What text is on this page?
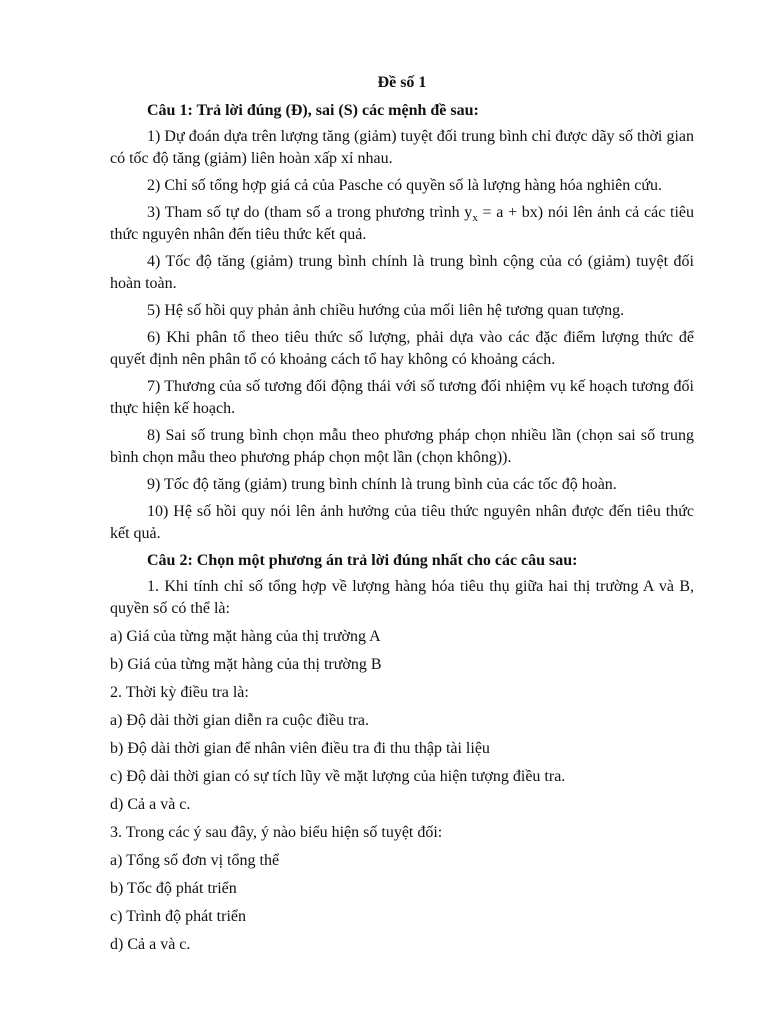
Đề số 1
Câu 1: Trả lời đúng (Đ), sai (S) các mệnh đề sau:
1) Dự đoán dựa trên lượng tăng (giảm) tuyệt đối trung bình chỉ được dãy số thời gian có tốc độ tăng (giảm) liên hoàn xấp xỉ nhau.
2) Chỉ số tổng hợp giá cả của Pasche có quyền số là lượng hàng hóa nghiên cứu.
3) Tham số tự do (tham số a trong phương trình $y_x = a + bx$) nói lên ảnh cả các tiêu thức nguyên nhân đến tiêu thức kết quả.
4) Tốc độ tăng (giảm) trung bình chính là trung bình cộng của có (giảm) tuyệt đối hoàn toàn.
5) Hệ số hồi quy phản ảnh chiều hướng của mối liên hệ tương quan tượng.
6) Khi phân tổ theo tiêu thức số lượng, phải dựa vào các đặc điểm lượng thức để quyết định nên phân tổ có khoảng cách tổ hay không có khoảng cách.
7) Thương của số tương đối động thái với số tương đối nhiệm vụ kế hoạch tương đối thực hiện kế hoạch.
8) Sai số trung bình chọn mẫu theo phương pháp chọn nhiều lần (chọn sai số trung bình chọn mẫu theo phương pháp chọn một lần (chọn không)).
9) Tốc độ tăng (giảm) trung bình chính là trung bình của các tốc độ hoàn.
10) Hệ số hồi quy nói lên ảnh hưởng của tiêu thức nguyên nhân được đến tiêu thức kết quả.
Câu 2: Chọn một phương án trả lời đúng nhất cho các câu sau:
1. Khi tính chỉ số tổng hợp về lượng hàng hóa tiêu thụ giữa hai thị trường A và B, quyền số có thể là:
a) Giá của từng mặt hàng của thị trường A
b) Giá của từng mặt hàng của thị trường B
2. Thời kỳ điều tra là:
a) Độ dài thời gian diễn ra cuộc điều tra.
b) Độ dài thời gian để nhân viên điều tra đi thu thập tài liệu
c) Độ dài thời gian có sự tích lũy về mặt lượng của hiện tượng điều tra.
d) Cả a và c.
3. Trong các ý sau đây, ý nào biểu hiện số tuyệt đối:
a) Tổng số đơn vị tổng thể
b) Tốc độ phát triển
c) Trình độ phát triển
d) Cả a và c.
